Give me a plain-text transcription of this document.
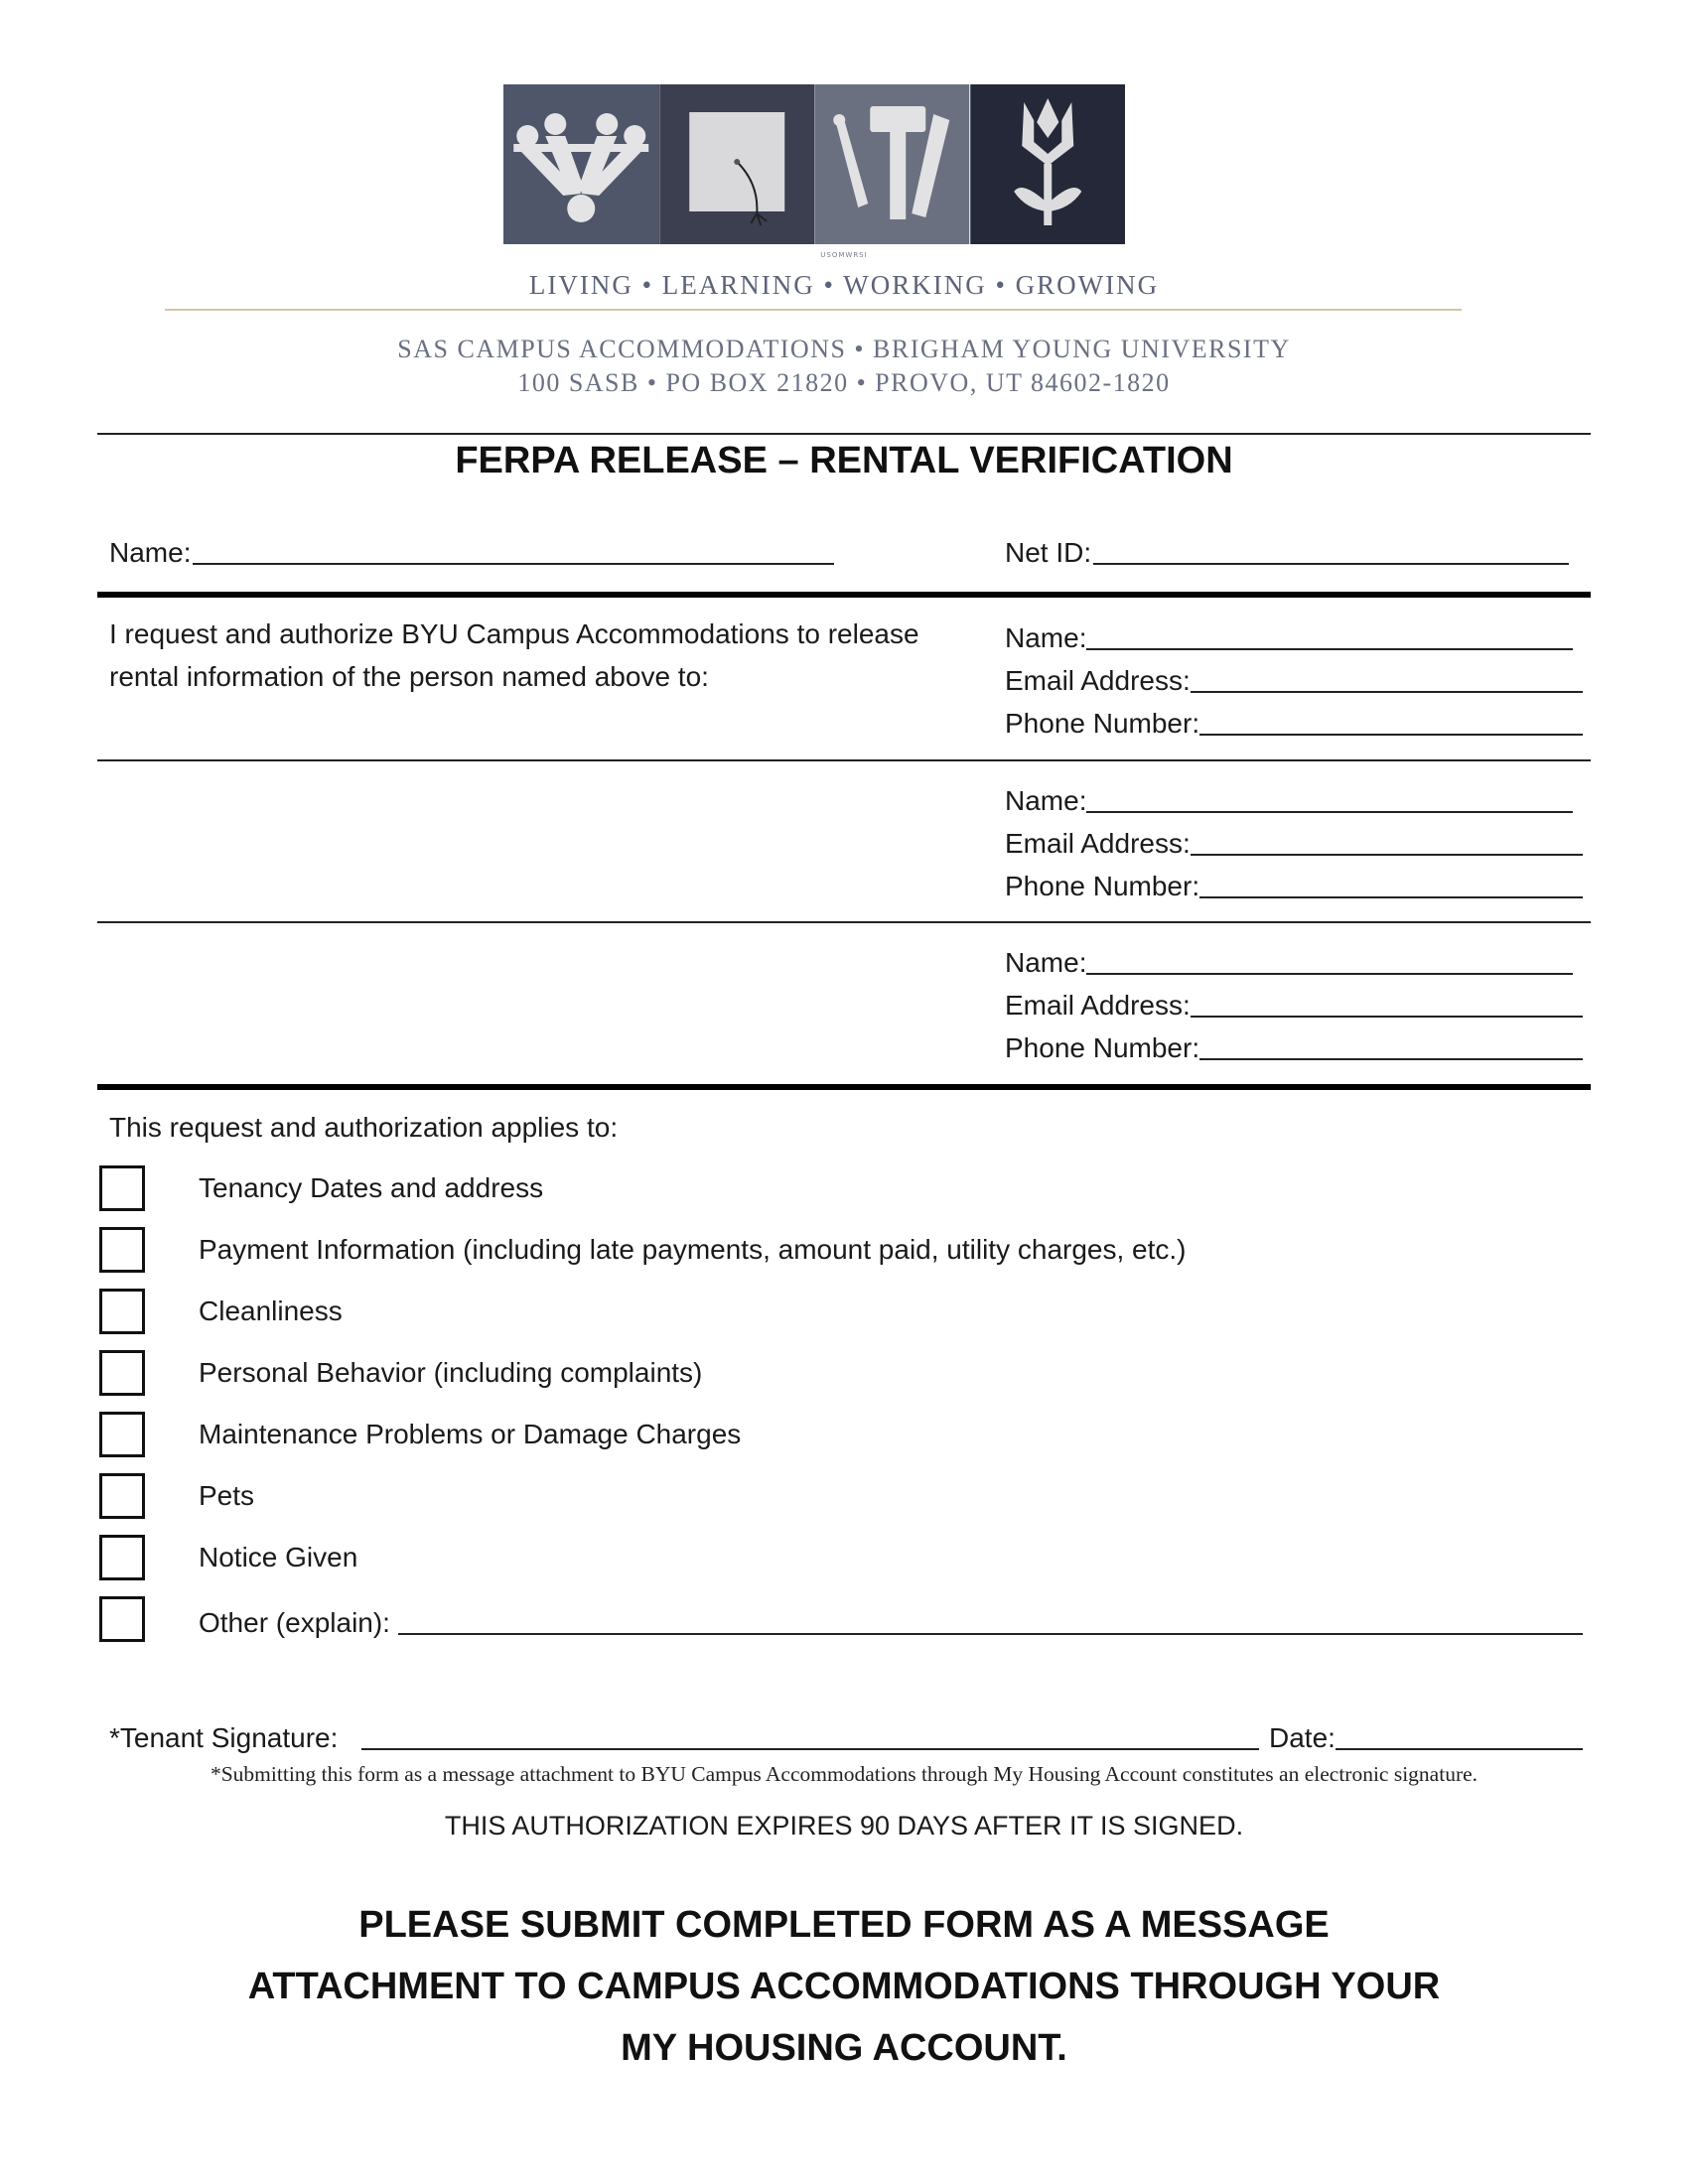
USOMWRSI
LIVING • LEARNING • WORKING • GROWING
SAS CAMPUS ACCOMMODATIONS • BRIGHAM YOUNG UNIVERSITY
100 SASB • PO BOX 21820 • PROVO, UT 84602-1820
FERPA RELEASE – RENTAL VERIFICATION
Name:	Net ID:
I request and authorize BYU Campus Accommodations to release
rental information of the person named above to:
Name:
Email Address:
Phone Number:
Name:
Email Address:
Phone Number:
Name:
Email Address:
Phone Number:
This request and authorization applies to:
Tenancy Dates and address
Payment Information (including late payments, amount paid, utility charges, etc.)
Cleanliness
Personal Behavior (including complaints)
Maintenance Problems or Damage Charges
Pets
Notice Given
Other (explain):
*Tenant Signature:	Date:
*Submitting this form as a message attachment to BYU Campus Accommodations through My Housing Account constitutes an electronic signature.
THIS AUTHORIZATION EXPIRES 90 DAYS AFTER IT IS SIGNED.
PLEASE SUBMIT COMPLETED FORM AS A MESSAGE
ATTACHMENT TO CAMPUS ACCOMMODATIONS THROUGH YOUR
MY HOUSING ACCOUNT.
